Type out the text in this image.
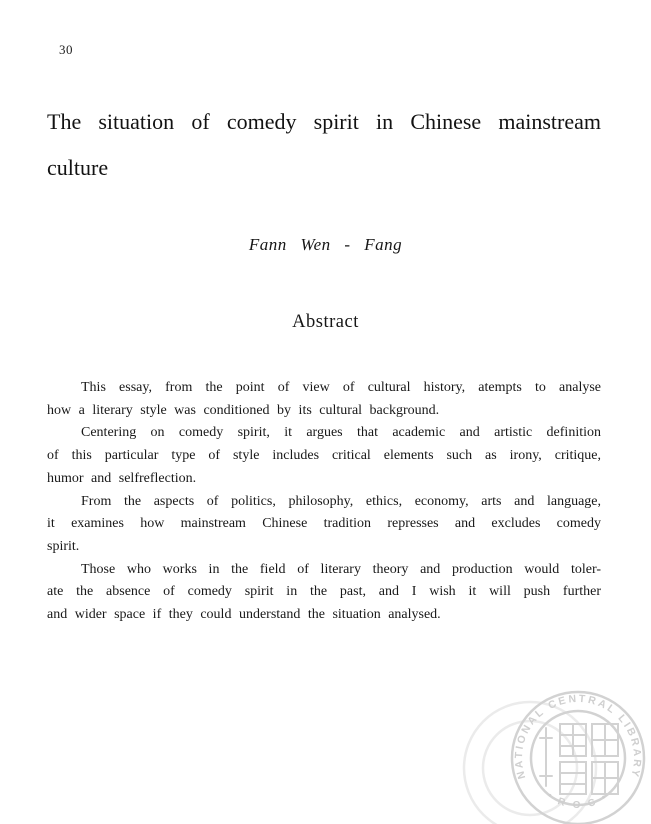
30
The situation of comedy spirit in Chinese mainstream
culture
Fann Wen - Fang
Abstract
This essay, from the point of view of cultural history, atempts to analyse
how a literary style was conditioned by its cultural background.
Centering on comedy spirit, it argues that academic and artistic definition
of this particular type of style includes critical elements such as irony, critique,
humor and selfreflection.
From the aspects of politics, philosophy, ethics, economy, arts and language,
it examines how mainstream Chinese tradition represses and excludes comedy
spirit.
Those who works in the field of literary theory and production would toler-
ate the absence of comedy spirit in the past, and I wish it will push further
and wider space if they could understand the situation analysed.
NATIONAL CENTRAL LIBRARY
• R O C •
